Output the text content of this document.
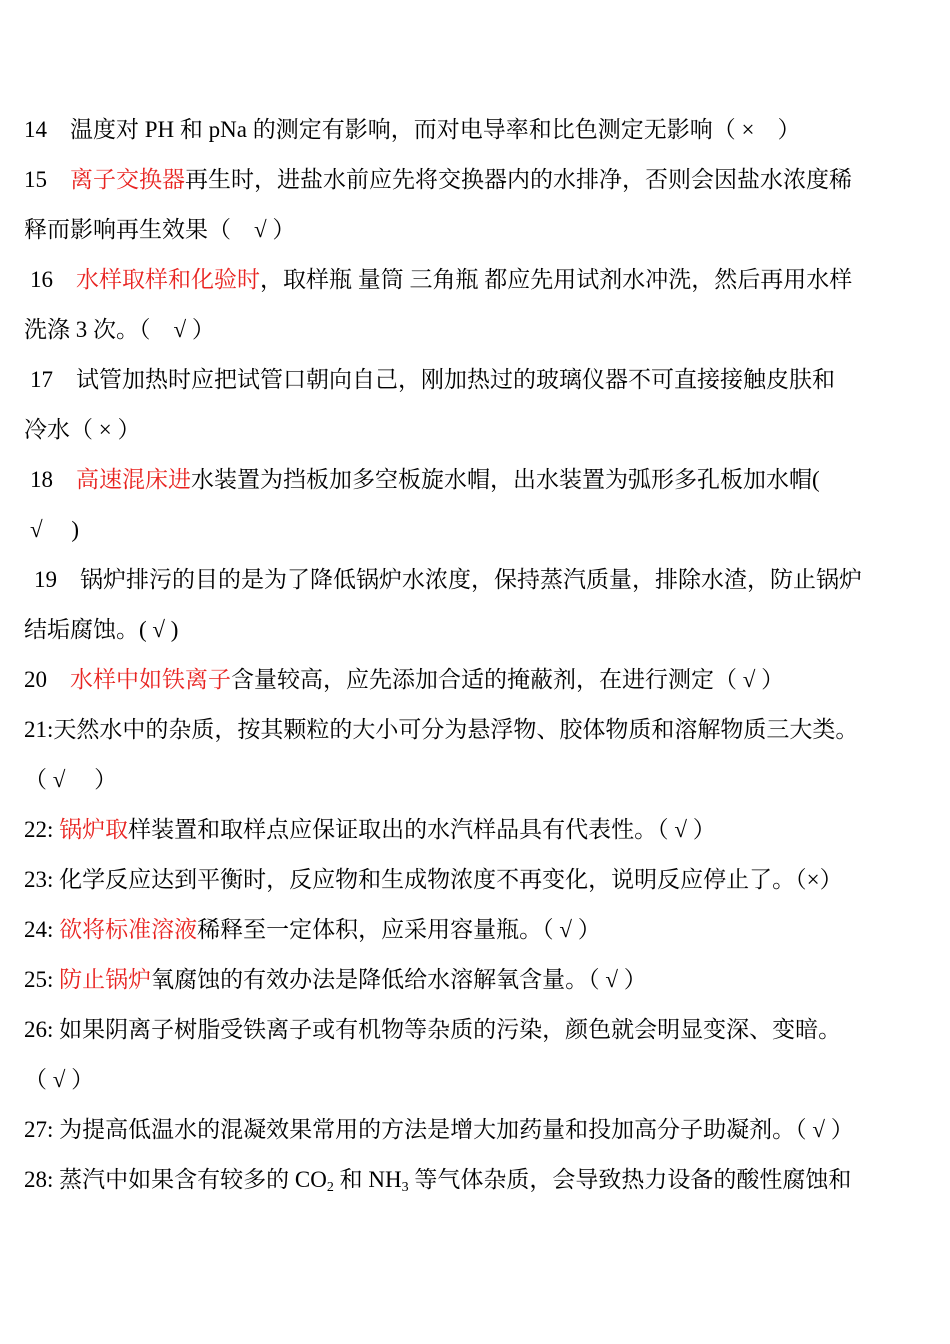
14　 温度对 PH 和 pNa 的测定有影响，而对电导率和比色测定无影响（ ×　）
15　 离子交换器再生时，进盐水前应先将交换器内的水排净，否则会因盐水浓度稀
释而影响再生效果（　√ ）
16　 水样取样和化验时，取样瓶 量筒 三角瓶 都应先用试剂水冲洗，然后再用水样
洗涤 3 次。（　√ ）
17　 试管加热时应把试管口朝向自己，刚加热过的玻璃仪器不可直接接触皮肤和
冷水（ × ）
18　 高速混床进水装置为挡板加多空板旋水帽，出水装置为弧形多孔板加水帽(
√　 )
19　 锅炉排污的目的是为了降低锅炉水浓度，保持蒸汽质量，排除水渣，防止锅炉
结垢腐蚀。( √ )
20　 水样中如铁离子含量较高，应先添加合适的掩蔽剂，在进行测定（ √ ）
21:天然水中的杂质，按其颗粒的大小可分为悬浮物、胶体物质和溶解物质三大类。
（ √　 ）
22: 锅炉取样装置和取样点应保证取出的水汽样品具有代表性。（ √ ）
23: 化学反应达到平衡时，反应物和生成物浓度不再变化，说明反应停止了。（×）
24: 欲将标准溶液稀释至一定体积，应采用容量瓶。（ √ ）
25: 防止锅炉氧腐蚀的有效办法是降低给水溶解氧含量。（ √ ）
26: 如果阴离子树脂受铁离子或有机物等杂质的污染，颜色就会明显变深、变暗。
（ √ ）
27: 为提高低温水的混凝效果常用的方法是增大加药量和投加高分子助凝剂。（ √ ）
28: 蒸汽中如果含有较多的 $CO_2$ 和 $NH_3$ 等气体杂质，会导致热力设备的酸性腐蚀和
